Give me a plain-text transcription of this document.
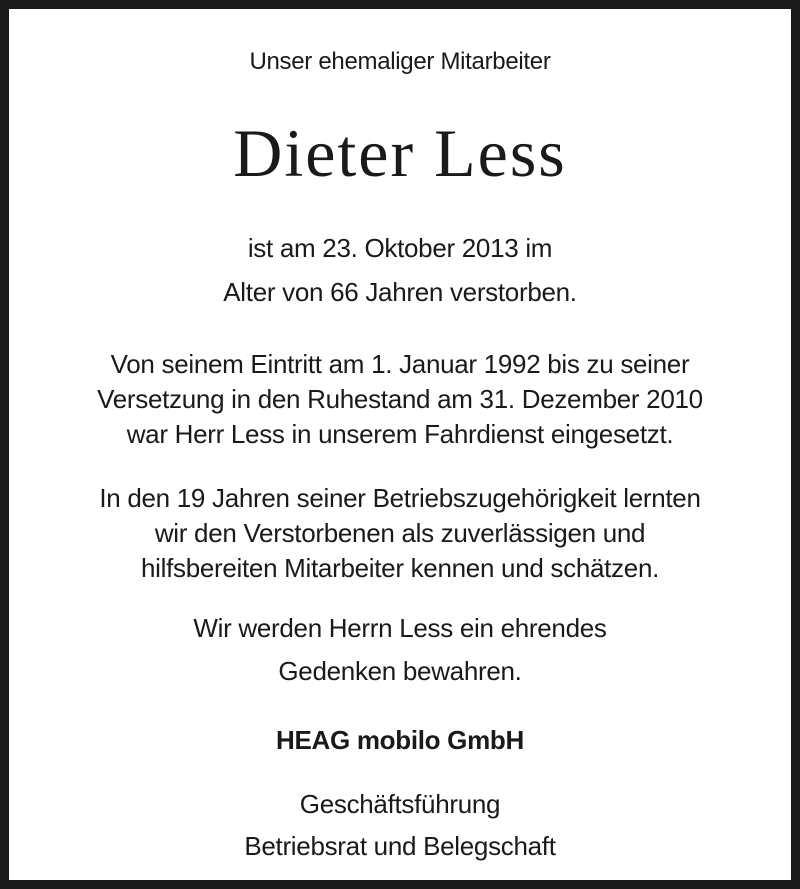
Unser ehemaliger Mitarbeiter

Dieter Less

ist am 23. Oktober 2013 im

Alter von 66 Jahren verstorben.

Von seinem Eintritt am 1. Januar 1992 bis zu seiner

Versetzung in den Ruhestand am 31. Dezember 2010

war Herr Less in unserem Fahrdienst eingesetzt.

In den 19 Jahren seiner Betriebszugehörigkeit lernten

wir den Verstorbenen als zuverlässigen und

hilfsbereiten Mitarbeiter kennen und schätzen.

Wir werden Herrn Less ein ehrendes

Gedenken bewahren.

HEAG mobilo GmbH

Geschäftsführung

Betriebsrat und Belegschaft
